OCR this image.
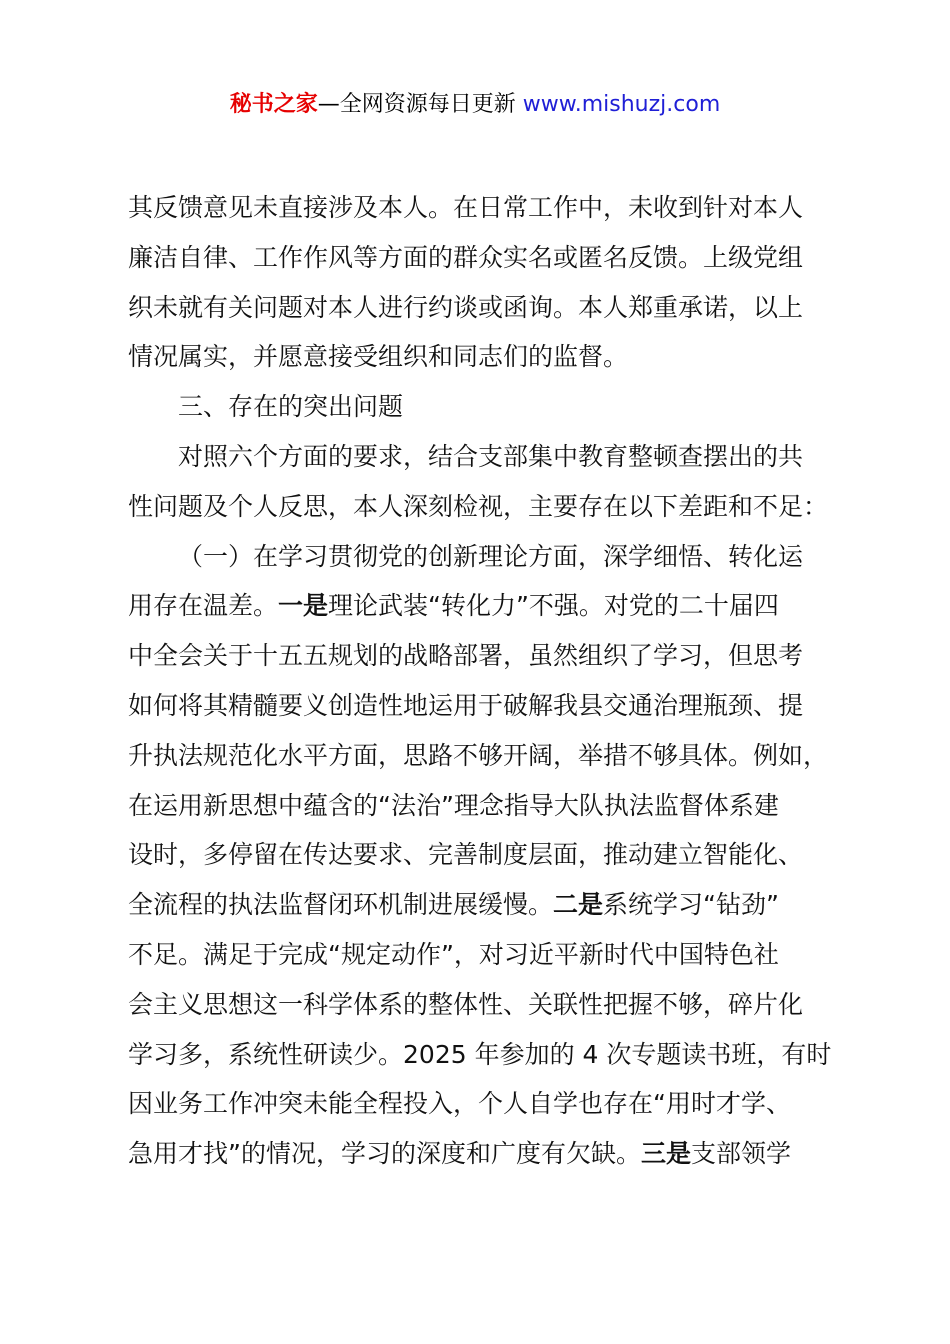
秘书之家—全网资源每日更新 www.mishuzj.com
其反馈意见未直接涉及本人。在日常工作中，未收到针对本人
廉洁自律、工作作风等方面的群众实名或匿名反馈。上级党组
织未就有关问题对本人进行约谈或函询。本人郑重承诺，以上
情况属实，并愿意接受组织和同志们的监督。
三、存在的突出问题
对照六个方面的要求，结合支部集中教育整顿查摆出的共
性问题及个人反思，本人深刻检视，主要存在以下差距和不足：
（一）在学习贯彻党的创新理论方面，深学细悟、转化运
用存在温差。一是理论武装“转化力”不强。对党的二十届四
中全会关于十五五规划的战略部署，虽然组织了学习，但思考
如何将其精髓要义创造性地运用于破解我县交通治理瓶颈、提
升执法规范化水平方面，思路不够开阔，举措不够具体。例如，
在运用新思想中蕴含的“法治”理念指导大队执法监督体系建
设时，多停留在传达要求、完善制度层面，推动建立智能化、
全流程的执法监督闭环机制进展缓慢。二是系统学习“钻劲”
不足。满足于完成“规定动作”，对习近平新时代中国特色社
会主义思想这一科学体系的整体性、关联性把握不够，碎片化
学习多，系统性研读少。2025 年参加的 4 次专题读书班，有时
因业务工作冲突未能全程投入，个人自学也存在“用时才学、
急用才找”的情况，学习的深度和广度有欠缺。三是支部领学
